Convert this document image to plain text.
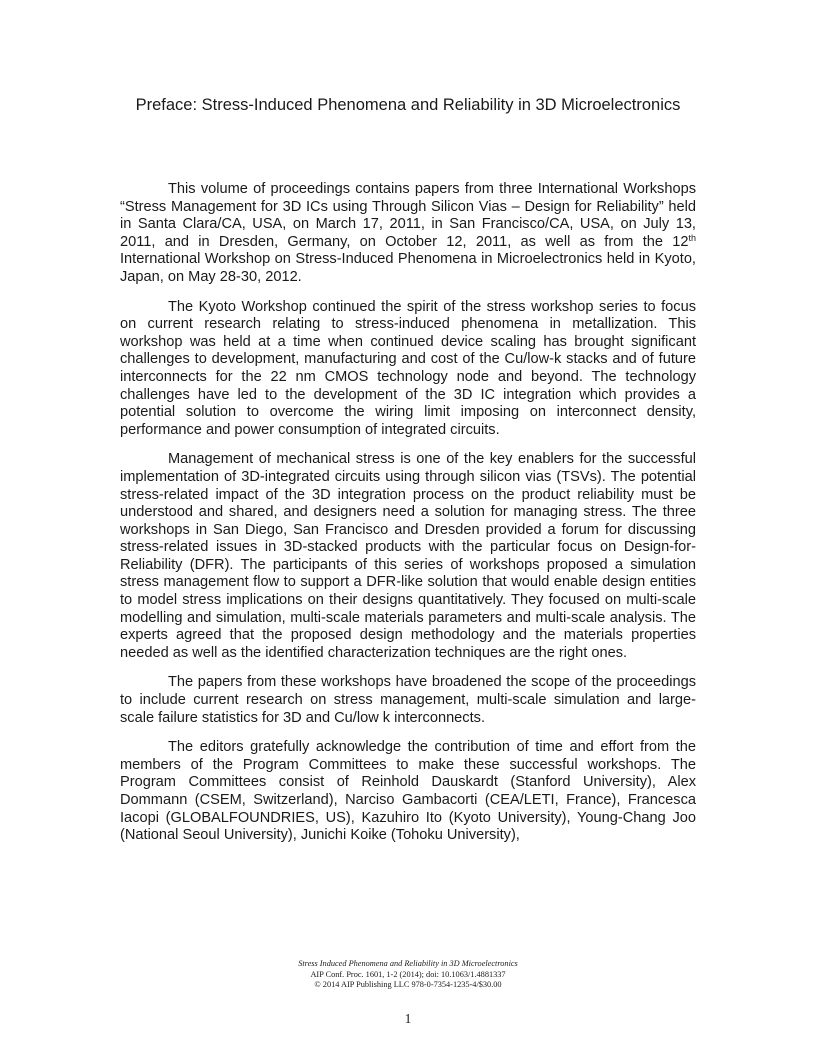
Preface: Stress-Induced Phenomena and Reliability in 3D Microelectronics

This volume of proceedings contains papers from three International Workshops “Stress Management for 3D ICs using Through Silicon Vias – Design for Reliability” held in Santa Clara/CA, USA, on March 17, 2011, in San Francisco/CA, USA, on July 13, 2011, and in Dresden, Germany, on October 12, 2011, as well as from the 12th International Workshop on Stress-Induced Phenomena in Microelectronics held in Kyoto, Japan, on May 28-30, 2012.

The Kyoto Workshop continued the spirit of the stress workshop series to focus on current research relating to stress-induced phenomena in metallization. This workshop was held at a time when continued device scaling has brought significant challenges to development, manufacturing and cost of the Cu/low-k stacks and of future interconnects for the 22 nm CMOS technology node and beyond. The technology challenges have led to the development of the 3D IC integration which provides a potential solution to overcome the wiring limit imposing on interconnect density, performance and power consumption of integrated circuits.

Management of mechanical stress is one of the key enablers for the successful implementation of 3D-integrated circuits using through silicon vias (TSVs). The potential stress-related impact of the 3D integration process on the product reliability must be understood and shared, and designers need a solution for managing stress. The three workshops in San Diego, San Francisco and Dresden provided a forum for discussing stress-related issues in 3D-stacked products with the particular focus on Design-for-Reliability (DFR). The participants of this series of workshops proposed a simulation stress management flow to support a DFR-like solution that would enable design entities to model stress implications on their designs quantitatively. They focused on multi-scale modelling and simulation, multi-scale materials parameters and multi-scale analysis. The experts agreed that the proposed design methodology and the materials properties needed as well as the identified characterization techniques are the right ones.

The papers from these workshops have broadened the scope of the proceedings to include current research on stress management, multi-scale simulation and large-scale failure statistics for 3D and Cu/low k interconnects.

The editors gratefully acknowledge the contribution of time and effort from the members of the Program Committees to make these successful workshops. The Program Committees consist of Reinhold Dauskardt (Stanford University), Alex Dommann (CSEM, Switzerland), Narciso Gambacorti (CEA/LETI, France), Francesca Iacopi (GLOBALFOUNDRIES, US), Kazuhiro Ito (Kyoto University), Young-Chang Joo (National Seoul University), Junichi Koike (Tohoku University),

Stress Induced Phenomena and Reliability in 3D Microelectronics
AIP Conf. Proc. 1601, 1-2 (2014); doi: 10.1063/1.4881337
© 2014 AIP Publishing LLC 978-0-7354-1235-4/$30.00
1
